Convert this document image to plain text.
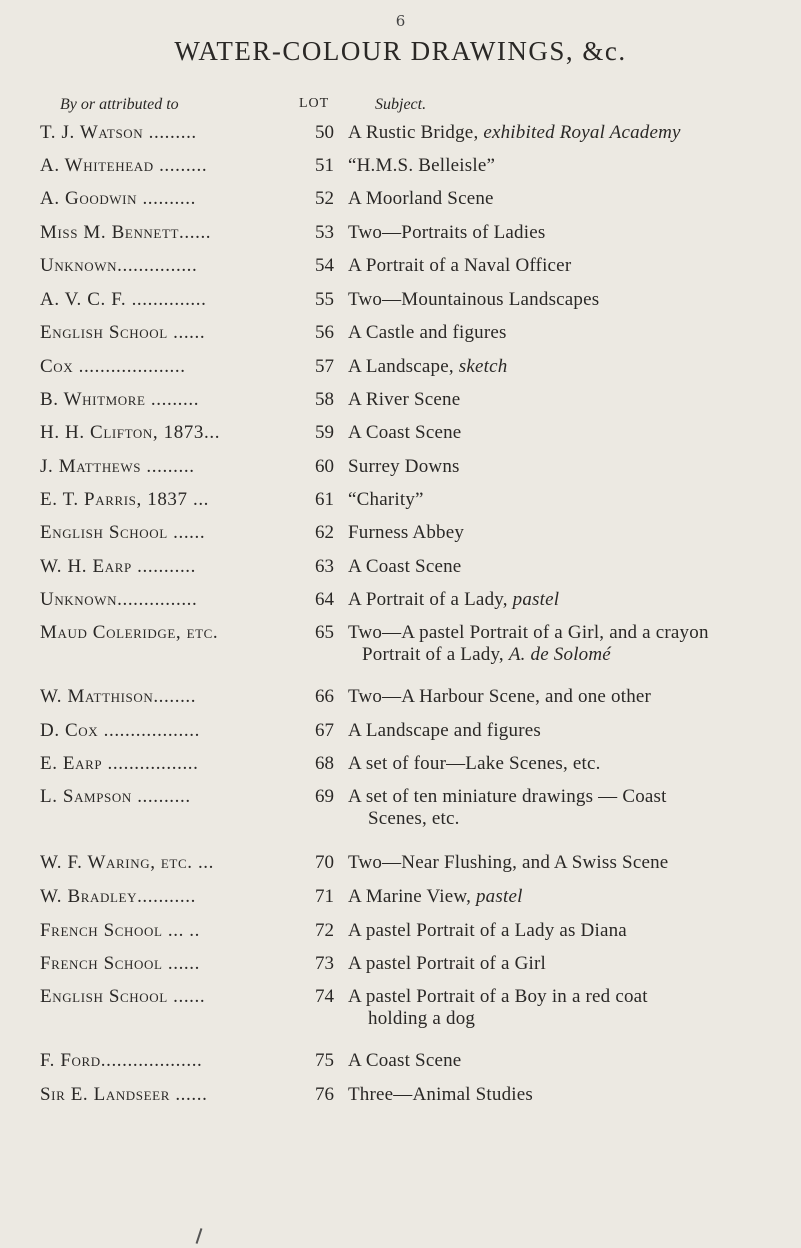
6
WATER-COLOUR DRAWINGS, &c.
By or attributed to	LOT	Subject.
T. J. Watson .........	50 A Rustic Bridge, exhibited Royal Academy
A. Whitehead .........	51 “H.M.S. Belleisle”
A. Goodwin ..........	52 A Moorland Scene
Miss M. Bennett......	53 Two—Portraits of Ladies
Unknown...............	54 A Portrait of a Naval Officer
A. V. C. F. ..............	55 Two—Mountainous Landscapes
English School ......	56 A Castle and figures
Cox ....................	57 A Landscape, sketch
B. Whitmore .........	58 A River Scene
H. H. Clifton, 1873...	59 A Coast Scene
J. Matthews .........	60 Surrey Downs
E. T. Parris, 1837 ...	61 “Charity”
English School ......	62 Furness Abbey
W. H. Earp ...........	63 A Coast Scene
Unknown...............	64 A Portrait of a Lady, pastel
Maud Coleridge, etc.	65 Two—A pastel Portrait of a Girl, and a crayon
Portrait of a Lady, A. de Solomé
W. Matthison........	66 Two—A Harbour Scene, and one other
D. Cox ..................	67 A Landscape and figures
E. Earp .................	68 A set of four—Lake Scenes, etc.
L. Sampson ..........	69 A set of ten miniature drawings — Coast
Scenes, etc.
W. F. Waring, etc. ...	70 Two—Near Flushing, and A Swiss Scene
W. Bradley...........	71 A Marine View, pastel
French School ... ..	72 A pastel Portrait of a Lady as Diana
French School ......	73 A pastel Portrait of a Girl
English School ......	74 A pastel Portrait of a Boy in a red coat
holding a dog
F. Ford...................	75 A Coast Scene
Sir E. Landseer ......	76 Three—Animal Studies
